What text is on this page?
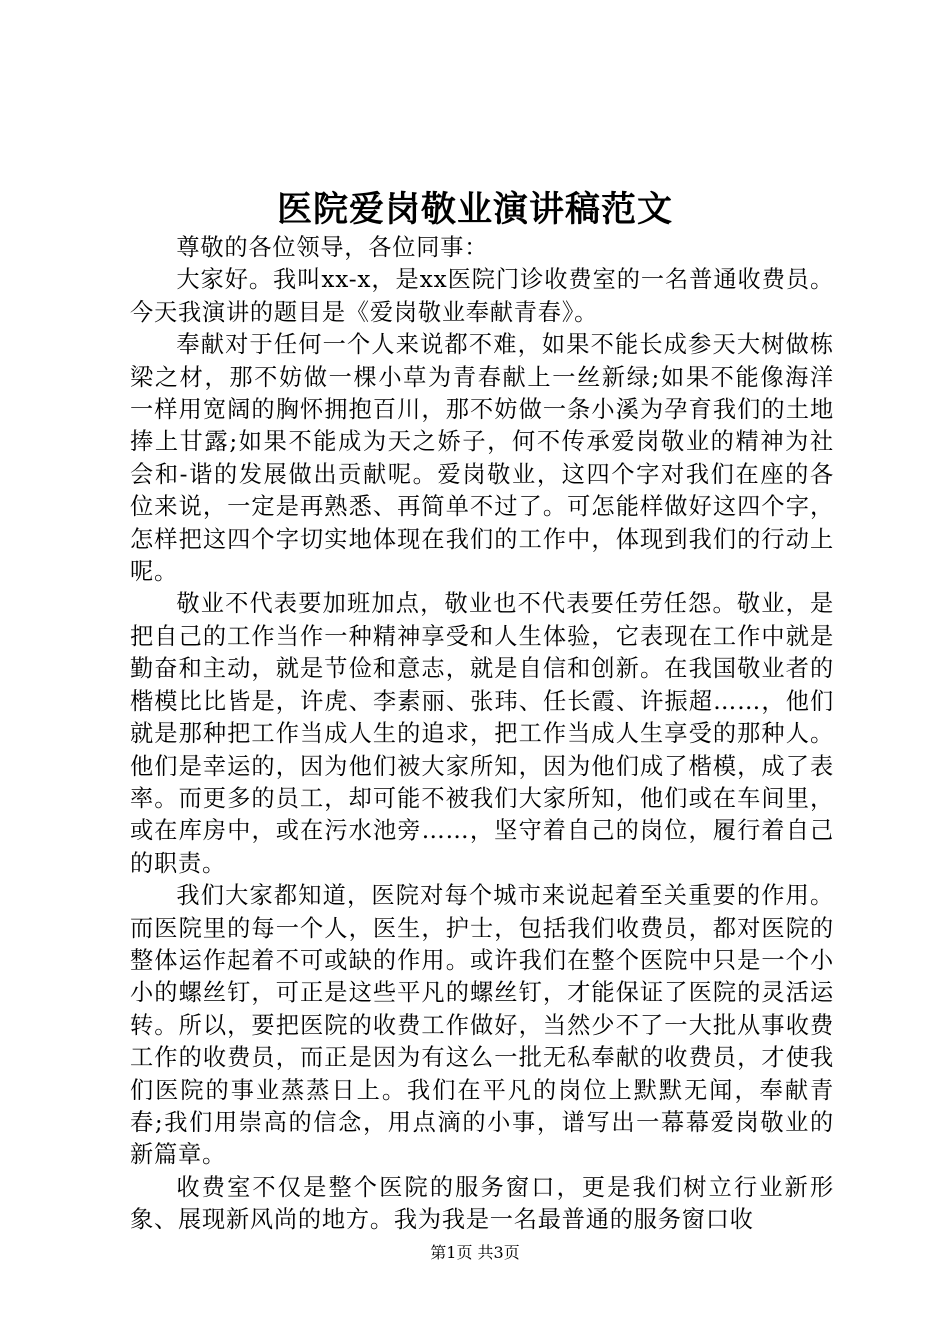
医院爱岗敬业演讲稿范文

尊敬的各位领导，各位同事：

大家好。我叫xx-x，是xx医院门诊收费室的一名普通收费员。今天我演讲的题目是《爱岗敬业奉献青春》。

奉献对于任何一个人来说都不难，如果不能长成参天大树做栋梁之材，那不妨做一棵小草为青春献上一丝新绿;如果不能像海洋一样用宽阔的胸怀拥抱百川，那不妨做一条小溪为孕育我们的土地捧上甘露;如果不能成为天之娇子，何不传承爱岗敬业的精神为社会和-谐的发展做出贡献呢。爱岗敬业，这四个字对我们在座的各位来说，一定是再熟悉、再简单不过了。可怎能样做好这四个字，怎样把这四个字切实地体现在我们的工作中，体现到我们的行动上呢。

敬业不代表要加班加点，敬业也不代表要任劳任怨。敬业，是把自己的工作当作一种精神享受和人生体验，它表现在工作中就是勤奋和主动，就是节俭和意志，就是自信和创新。在我国敬业者的楷模比比皆是，许虎、李素丽、张玮、任长霞、许振超……，他们就是那种把工作当成人生的追求，把工作当成人生享受的那种人。他们是幸运的，因为他们被大家所知，因为他们成了楷模，成了表率。而更多的员工，却可能不被我们大家所知，他们或在车间里，或在库房中，或在污水池旁……，坚守着自己的岗位，履行着自己的职责。

我们大家都知道，医院对每个城市来说起着至关重要的作用。而医院里的每一个人，医生，护士，包括我们收费员，都对医院的整体运作起着不可或缺的作用。或许我们在整个医院中只是一个小小的螺丝钉，可正是这些平凡的螺丝钉，才能保证了医院的灵活运转。所以，要把医院的收费工作做好，当然少不了一大批从事收费工作的收费员，而正是因为有这么一批无私奉献的收费员，才使我们医院的事业蒸蒸日上。我们在平凡的岗位上默默无闻，奉献青春;我们用崇高的信念，用点滴的小事，谱写出一幕幕爱岗敬业的新篇章。

收费室不仅是整个医院的服务窗口，更是我们树立行业新形象、展现新风尚的地方。我为我是一名最普通的服务窗口收

第1页 共3页
